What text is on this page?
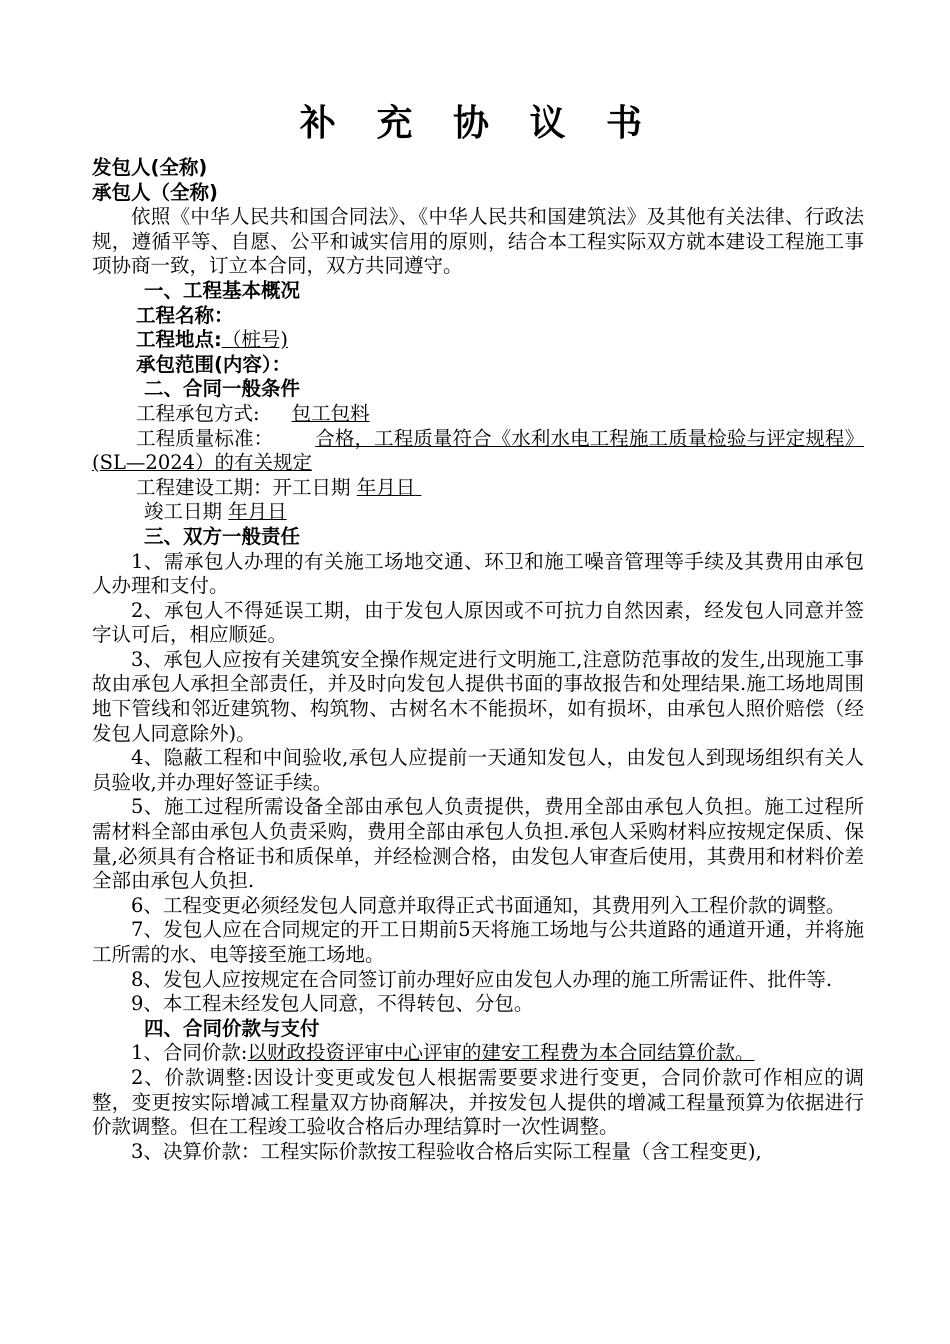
补 充 协 议 书

发包人(全称)

承包人（全称)

依照《中华人民共和国合同法》、《中华人民共和国建筑法》及其他有关法律、行政法规，遵循平等、自愿、公平和诚实信用的原则，结合本工程实际双方就本建设工程施工事项协商一致，订立本合同，双方共同遵守。

一、工程基本概况

工程名称：

工程地点:（桩号)

承包范围(内容）：

二、合同一般条件

工程承包方式: 包工包料

工程质量标准： 合格，工程质量符合《水利水电工程施工质量检验与评定规程》(SL—2024）的有关规定

工程建设工期：开工日期 年月日

竣工日期 年月日

三、双方一般责任

1、需承包人办理的有关施工场地交通、环卫和施工噪音管理等手续及其费用由承包人办理和支付。

2、承包人不得延误工期，由于发包人原因或不可抗力自然因素，经发包人同意并签字认可后，相应顺延。

3、承包人应按有关建筑安全操作规定进行文明施工,注意防范事故的发生,出现施工事故由承包人承担全部责任，并及时向发包人提供书面的事故报告和处理结果.施工场地周围地下管线和邻近建筑物、构筑物、古树名木不能损坏，如有损坏，由承包人照价赔偿（经发包人同意除外)。

4、隐蔽工程和中间验收,承包人应提前一天通知发包人，由发包人到现场组织有关人员验收,并办理好签证手续。

5、施工过程所需设备全部由承包人负责提供，费用全部由承包人负担。施工过程所需材料全部由承包人负责采购，费用全部由承包人负担.承包人采购材料应按规定保质、保量,必须具有合格证书和质保单，并经检测合格，由发包人审查后使用，其费用和材料价差全部由承包人负担.

6、工程变更必须经发包人同意并取得正式书面通知，其费用列入工程价款的调整。

7、发包人应在合同规定的开工日期前5天将施工场地与公共道路的通道开通，并将施工所需的水、电等接至施工场地。

8、发包人应按规定在合同签订前办理好应由发包人办理的施工所需证件、批件等.

9、本工程未经发包人同意，不得转包、分包。

四、合同价款与支付

1、合同价款:以财政投资评审中心评审的建安工程费为本合同结算价款。

2、价款调整:因设计变更或发包人根据需要要求进行变更，合同价款可作相应的调整，变更按实际增减工程量双方协商解决，并按发包人提供的增减工程量预算为依据进行价款调整。但在工程竣工验收合格后办理结算时一次性调整。

3、决算价款：工程实际价款按工程验收合格后实际工程量（含工程变更),
